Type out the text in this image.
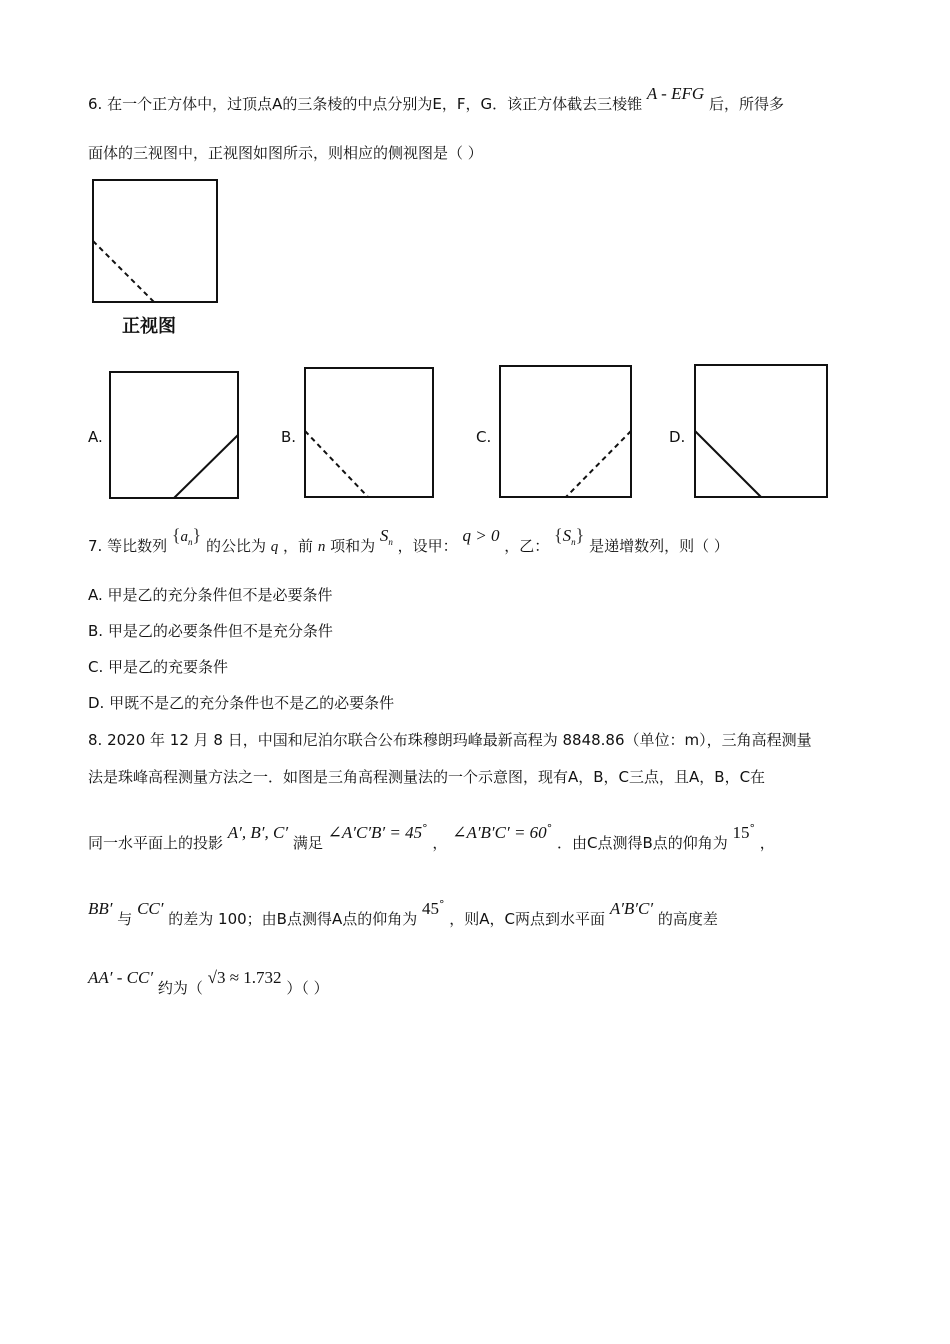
6. 在一个正方体中，过顶点A的三条棱的中点分别为E，F，G．该正方体截去三棱锥 A - EFG 后，所得多
面体的三视图中，正视图如图所示，则相应的侧视图是（ ）
正视图
A.	B.	C.	D.
7. 等比数列 $\{a_n\}$ 的公比为 q ，前 n 项和为 $S_n$ ，设甲： q > 0 ，乙： $\{S_n\}$ 是递增数列，则（ ）
A. 甲是乙的充分条件但不是必要条件
B. 甲是乙的必要条件但不是充分条件
C. 甲是乙的充要条件
D. 甲既不是乙的充分条件也不是乙的必要条件
8. 2020 年 12 月 8 日，中国和尼泊尔联合公布珠穆朗玛峰最新高程为 8848.86（单位：m），三角高程测量
法是珠峰高程测量方法之一．如图是三角高程测量法的一个示意图，现有A，B，C三点，且A，B，C在
同一水平面上的投影 A′, B′, C′ 满足 ∠A′C′B′ = 45° ， ∠A′B′C′ = 60° ．由C点测得B点的仰角为 15° ，
BB′ 与 CC′ 的差为 100；由B点测得A点的仰角为 45° ，则A，C两点到水平面 A′B′C′ 的高度差
AA′ - CC′ 约为（ √3 ≈ 1.732 ）（ ）
